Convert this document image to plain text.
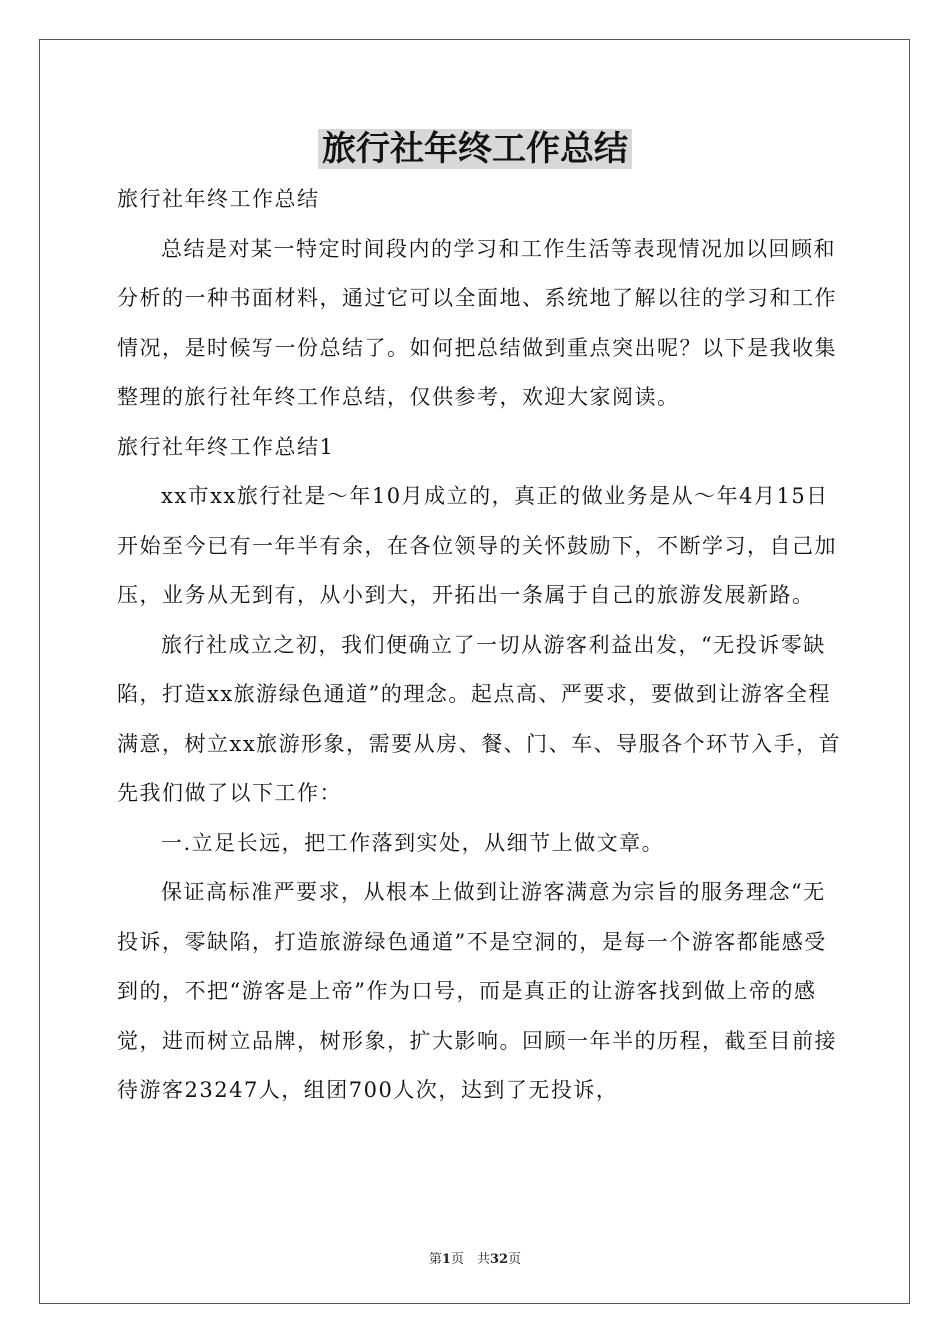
旅行社年终工作总结

旅行社年终工作总结

总结是对某一特定时间段内的学习和工作生活等表现情况加以回顾和分析的一种书面材料，通过它可以全面地、系统地了解以往的学习和工作情况，是时候写一份总结了。如何把总结做到重点突出呢？以下是我收集整理的旅行社年终工作总结，仅供参考，欢迎大家阅读。

旅行社年终工作总结1

xx市xx旅行社是～年10月成立的，真正的做业务是从～年4月15日开始至今已有一年半有余，在各位领导的关怀鼓励下，不断学习，自己加压，业务从无到有，从小到大，开拓出一条属于自己的旅游发展新路。

旅行社成立之初，我们便确立了一切从游客利益出发，“无投诉零缺陷，打造xx旅游绿色通道”的理念。起点高、严要求，要做到让游客全程满意，树立xx旅游形象，需要从房、餐、门、车、导服各个环节入手，首先我们做了以下工作：

一.立足长远，把工作落到实处，从细节上做文章。

保证高标准严要求，从根本上做到让游客满意为宗旨的服务理念“无投诉，零缺陷，打造旅游绿色通道”不是空洞的，是每一个游客都能感受到的，不把“游客是上帝”作为口号，而是真正的让游客找到做上帝的感觉，进而树立品牌，树形象，扩大影响。回顾一年半的历程，截至目前接待游客23247人，组团700人次，达到了无投诉，

第1页　共32页
